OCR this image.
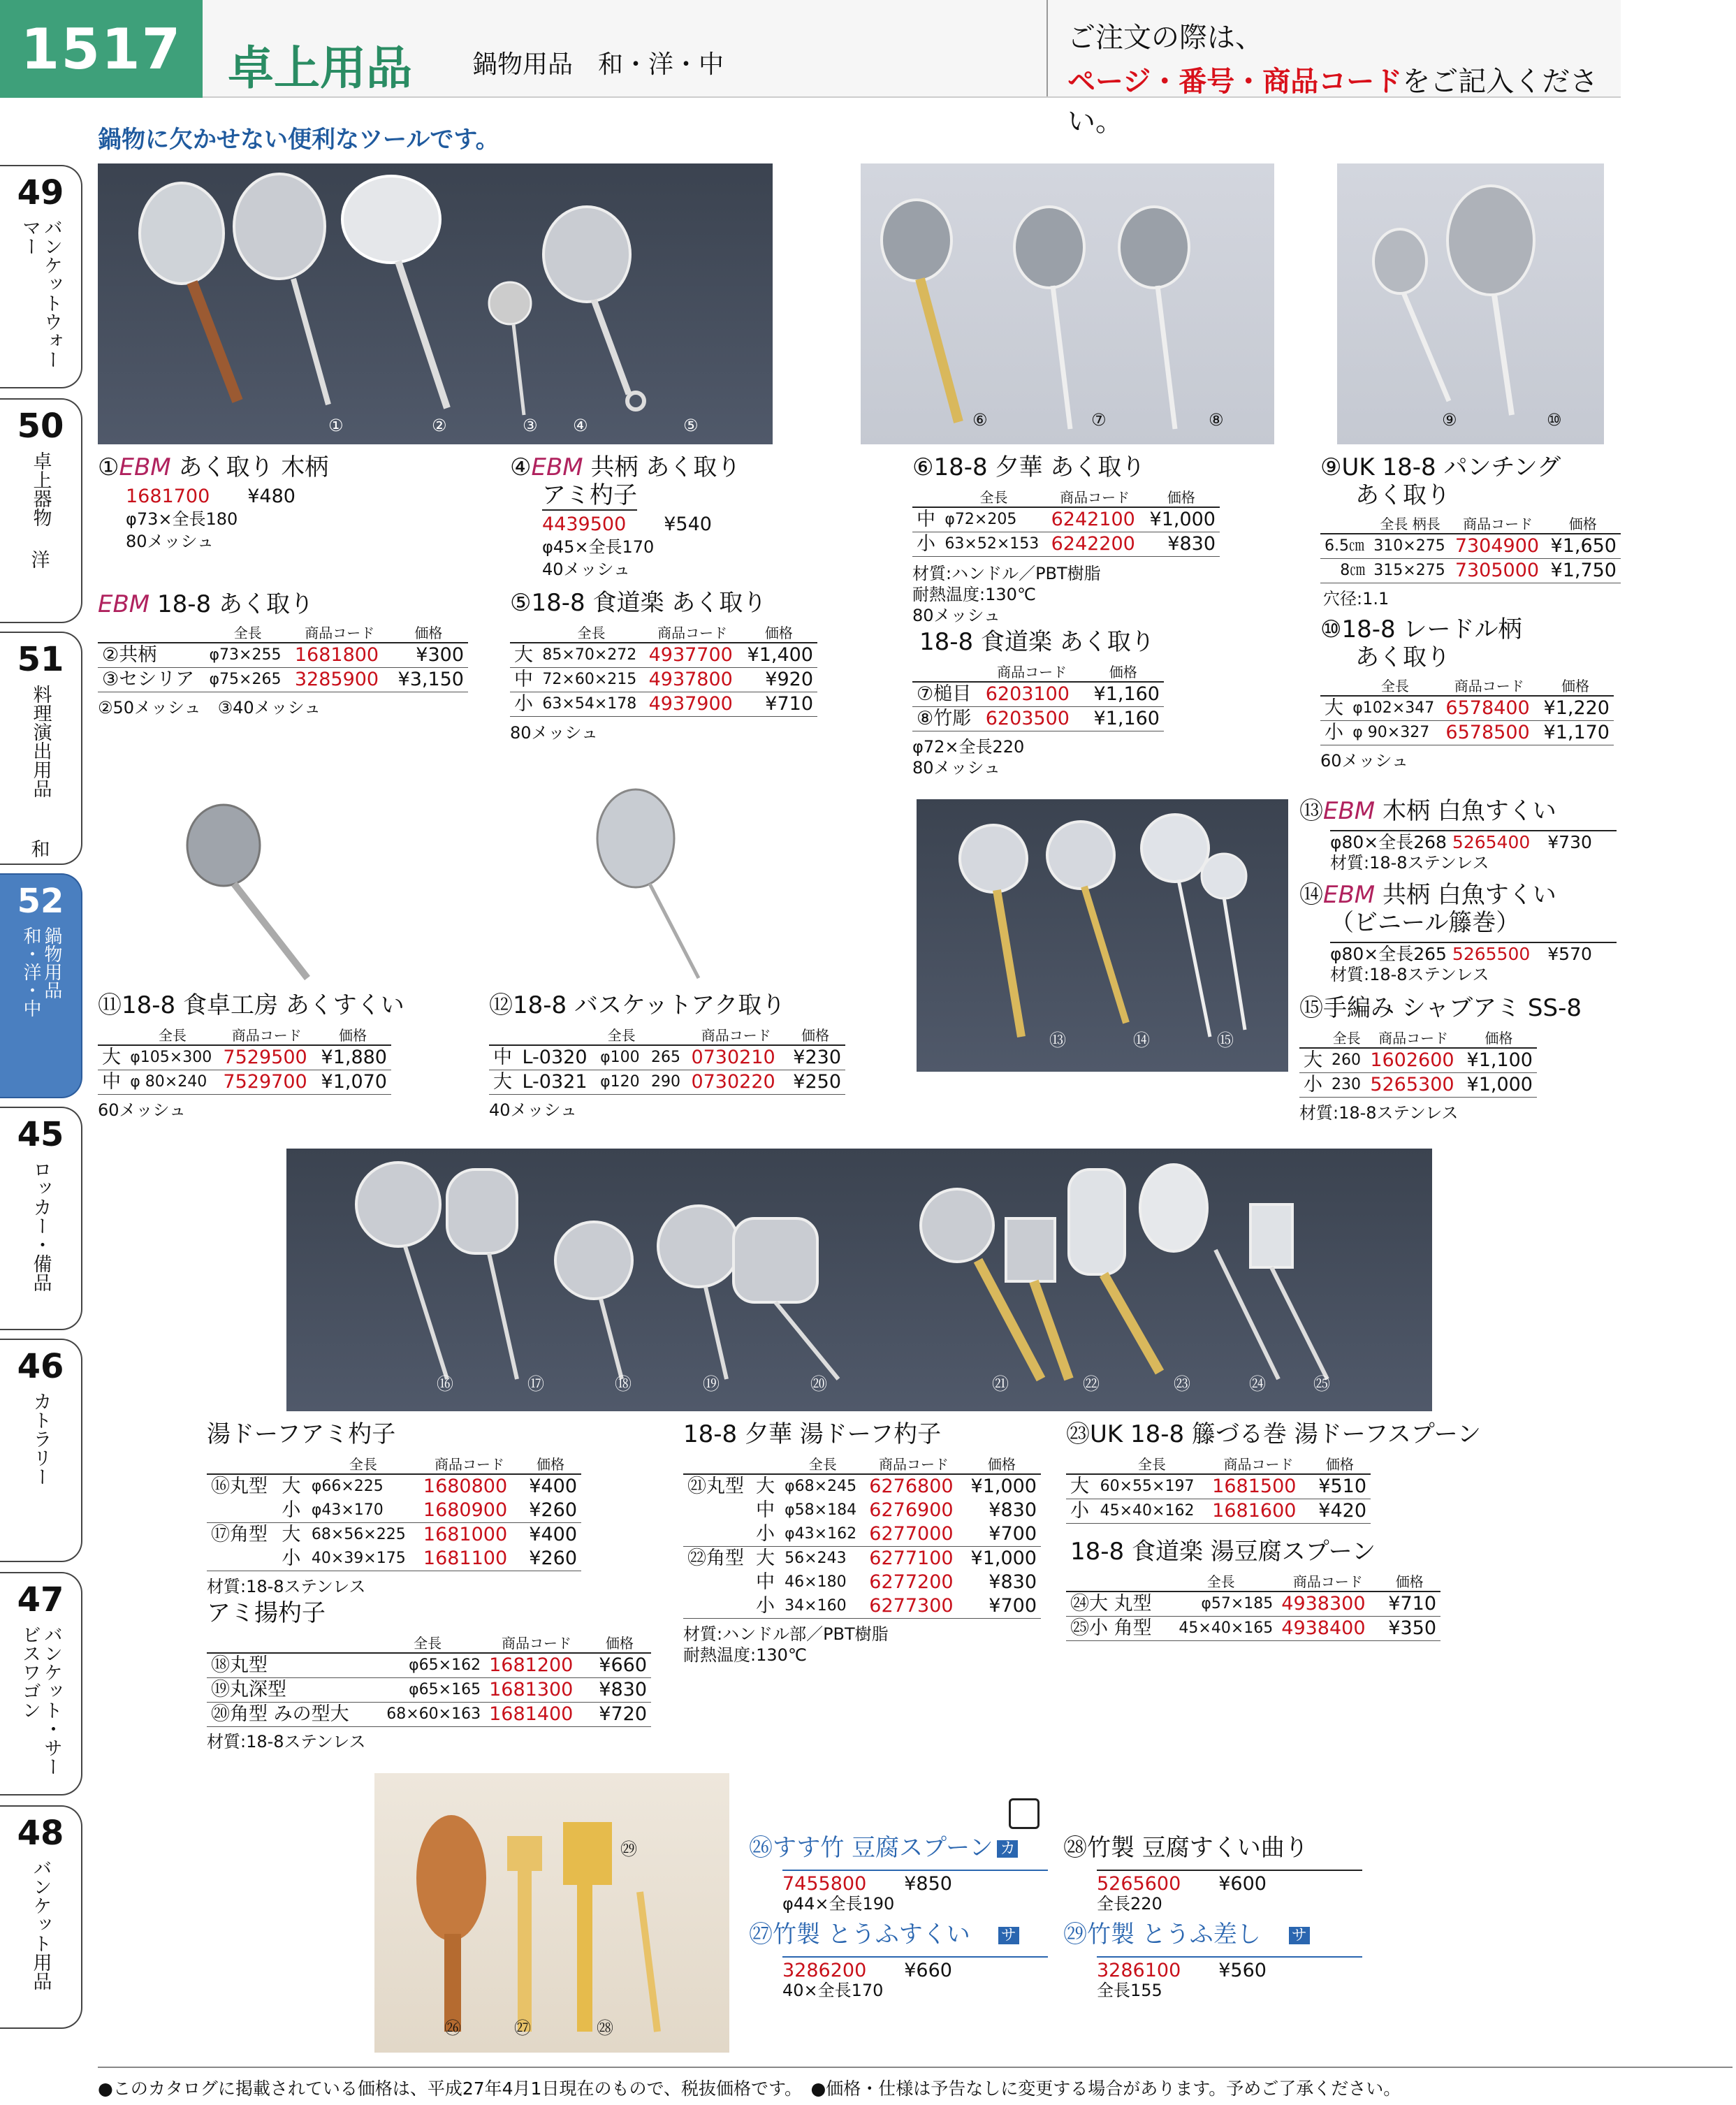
1517 卓上用品 鍋物用品　和・洋・中
ご注文の際は、
ページ・番号・商品コードをご記入ください。
鍋物に欠かせない便利なツールです。
49
バンケットウォーマー
50
卓上器物
洋
51
料理演出用品
和
52
鍋物用品
和・洋・中
45
ロッカー・備品
46
カトラリー
47
バンケット・サービスワゴン
48
バンケット用品
①	②	③ ④	⑤	⑥	⑦	⑧	⑨	⑩
①EBM あく取り 木柄
1681700　　 ¥480
φ73×全長180
80メッシュ
EBM 18-8 あく取り
	全長	商品コード	価格
②共柄	φ73×255	1681800	¥300
③セシリア	φ75×265	3285900	¥3,150
②50メッシュ　③40メッシュ
④EBM 共柄 あく取り
アミ杓子
4439500　　 ¥540
φ45×全長170
40メッシュ
⑤18-8 食道楽 あく取り
	全長	商品コード	価格
大	85×70×272	4937700	¥1,400
中	72×60×215	4937800	¥920
小	63×54×178	4937900	¥710
80メッシュ
⑥18-8 夕華 あく取り
	全長	商品コード	価格
中	φ72×205	6242100	¥1,000
小	63×52×153	6242200	¥830
材質:ハンドル／PBT樹脂
耐熱温度:130℃
80メッシュ
18-8 食道楽 あく取り
	商品コード	価格
⑦槌目	6203100	¥1,160
⑧竹彫	6203500	¥1,160
φ72×全長220
80メッシュ
⑨UK 18-8 パンチング
あく取り
	全長 柄長	商品コード	価格
6.5㎝	310×275	7304900	¥1,650
8㎝	315×275	7305000	¥1,750
穴径:1.1
⑩18-8 レードル柄
あく取り
	全長	商品コード	価格
大	φ102×347	6578400	¥1,220
小	φ 90×327	6578500	¥1,170
60メッシュ
⑬	⑭	⑮
⑪18-8 食卓工房 あくすくい
	全長	商品コード	価格
大	φ105×300	7529500	¥1,880
中	φ 80×240	7529700	¥1,070
60メッシュ
⑫18-8 バスケットアク取り
		全長		商品コード	価格
中	L-0320	φ100	265	0730210	¥230
大	L-0321	φ120	290	0730220	¥250
40メッシュ
⑬EBM 木柄 白魚すくい
φ80×全長268 5265400　 ¥730
材質:18-8ステンレス
⑭EBM 共柄 白魚すくい
（ビニール籐巻）
φ80×全長265 5265500　 ¥570
材質:18-8ステンレス
⑮手編み シャブアミ SS-8
	全長	商品コード	価格
大	260	1602600	¥1,100
小	230	5265300	¥1,000
材質:18-8ステンレス
⑯	⑰	⑱	⑲	⑳	㉑	㉒	㉓	㉔	㉕
湯ドーフアミ杓子
		全長	商品コード	価格
⑯丸型	大	φ66×225	1680800	¥400
	小	φ43×170	1680900	¥260
⑰角型	大	68×56×225	1681000	¥400
	小	40×39×175	1681100	¥260
材質:18-8ステンレス
アミ揚杓子
	全長	商品コード	価格
⑱丸型	φ65×162	1681200	¥660
⑲丸深型	φ65×165	1681300	¥830
⑳角型 みの型大	68×60×163	1681400	¥720
材質:18-8ステンレス
18-8 夕華 湯ドーフ杓子
		全長	商品コード	価格
㉑丸型	大	φ68×245	6276800	¥1,000
	中	φ58×184	6276900	¥830
	小	φ43×162	6277000	¥700
㉒角型	大	56×243	6277100	¥1,000
	中	46×180	6277200	¥830
	小	34×160	6277300	¥700
材質:ハンドル部／PBT樹脂
耐熱温度:130℃
㉓UK 18-8 籐づる巻 湯ドーフスプーン
	全長	商品コード	価格
大	60×55×197	1681500	¥510
小	45×40×162	1681600	¥420
18-8 食道楽 湯豆腐スプーン
	全長	商品コード	価格
㉔大 丸型	φ57×185	4938300	¥710
㉕小 角型	45×40×165	4938400	¥350
㉖	㉗	㉘
㉙	㉖すす竹 豆腐スプーン カ
7455800　　 ¥850
φ44×全長190
㉗竹製 とうふすくい サ
3286200　　 ¥660
40×全長170
㉘竹製 豆腐すくい曲り
5265600　　 ¥600
全長220
㉙竹製 とうふ差し サ
3286100　　 ¥560
全長155
●このカタログに掲載されている価格は、平成27年4月1日現在のもので、税抜価格です。　●価格・仕様は予告なしに変更する場合があります。予めご了承ください。
